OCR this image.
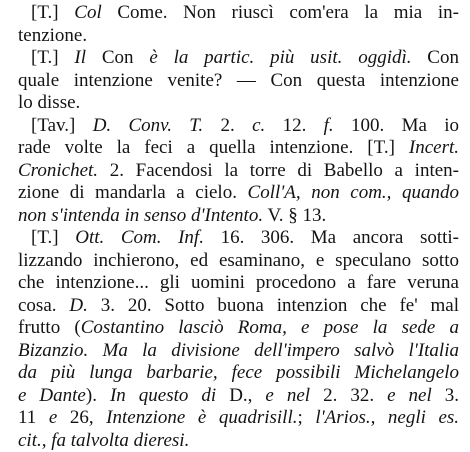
[T.] Col Come. Non riuscì com'era la mia in-
tenzione.
[T.] Il Con è la partic. più usit. oggidì. Con
quale intenzione venite? — Con questa intenzione
lo disse.
[Tav.] D. Conv. T. 2. c. 12. f. 100. Ma io
rade volte la feci a quella intenzione. [T.] Incert.
Cronichet. 2. Facendosi la torre di Babello a inten-
zione di mandarla a cielo. Coll'A, non com., quando
non s'intenda in senso d'Intento. V. § 13.
[T.] Ott. Com. Inf. 16. 306. Ma ancora sotti-
lizzando inchierono, ed esaminano, e speculano sotto
che intenzione... gli uomini procedono a fare veruna
cosa. D. 3. 20. Sotto buona intenzion che fe' mal
frutto (Costantino lasciò Roma, e pose la sede a
Bizanzio. Ma la divisione dell'impero salvò l'Italia
da più lunga barbarie, fece possibili Michelangelo
e Dante). In questo di D., e nel 2. 32. e nel 3.
11 e 26, Intenzione è quadrisill.; l'Arios., negli es.
cit., fa talvolta dieresi.
